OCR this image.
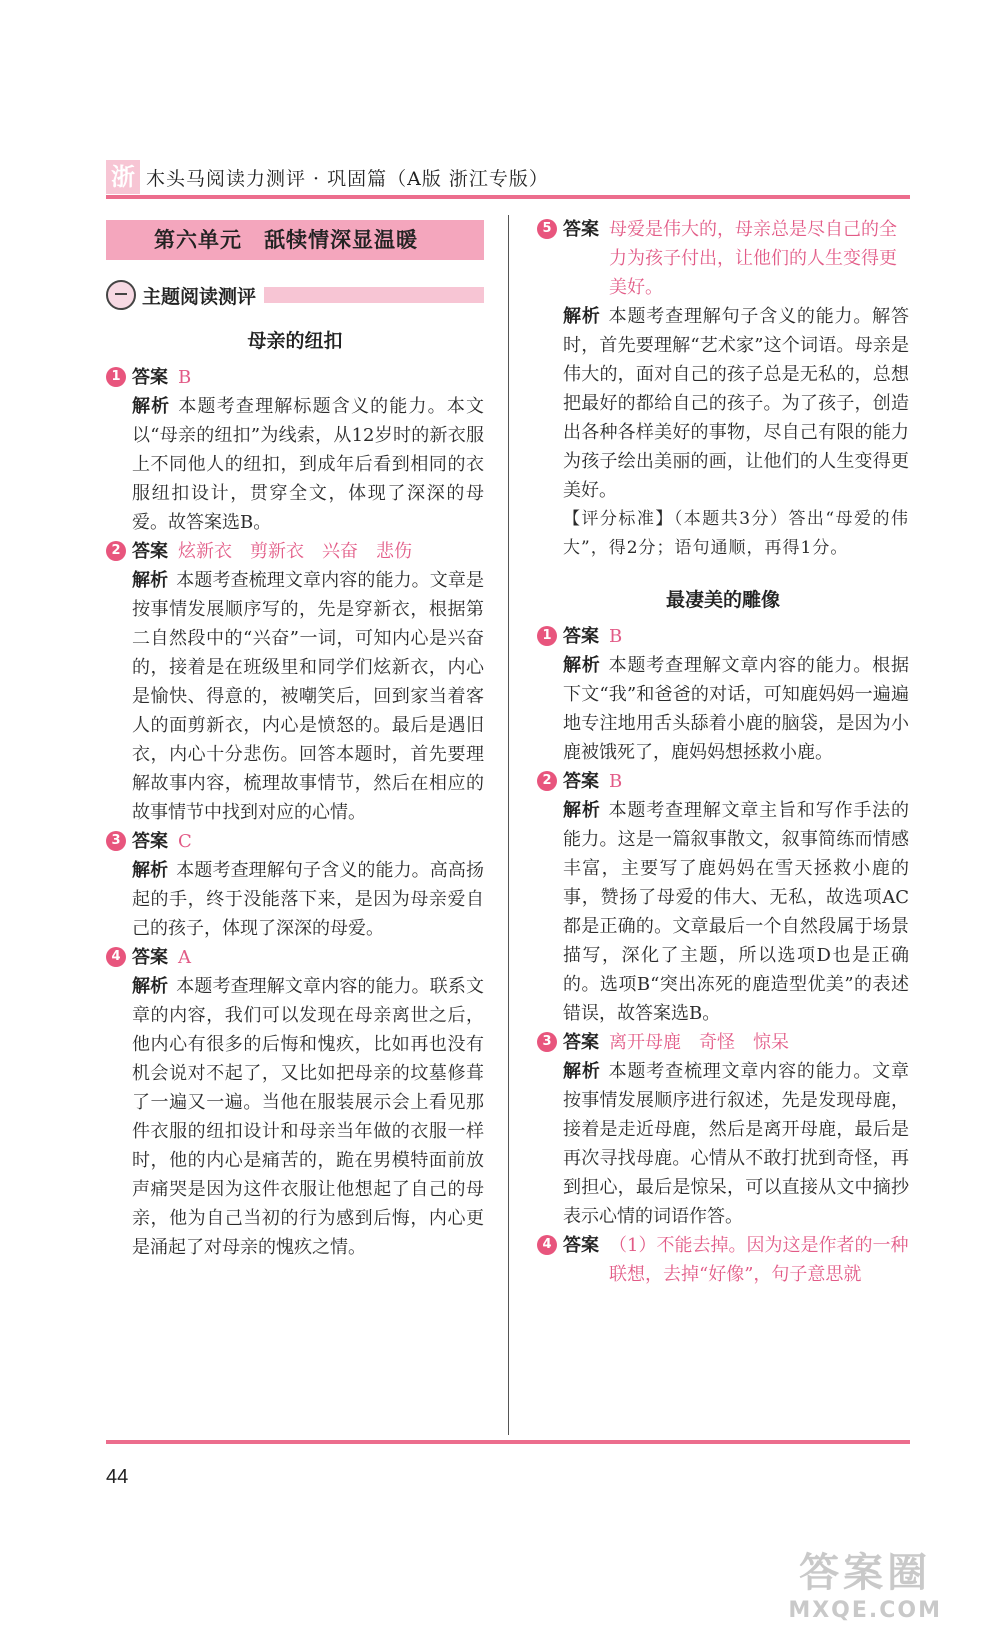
浙 木头马阅读力测评 · 巩固篇（A版 浙江专版）
第六单元　舐犊情深显温暖
主题阅读测评
母亲的纽扣
1 答案 B
解析 本题考查理解标题含义的能力。本文以“母亲的纽扣”为线索，从12岁时的新衣服上不同他人的纽扣，到成年后看到相同的衣服纽扣设计，贯穿全文，体现了深深的母爱。故答案选B。
2 答案 炫新衣　剪新衣　兴奋　悲伤
解析 本题考查梳理文章内容的能力。文章是按事情发展顺序写的，先是穿新衣，根据第二自然段中的“兴奋”一词，可知内心是兴奋的，接着是在班级里和同学们炫新衣，内心是愉快、得意的，被嘲笑后，回到家当着客人的面剪新衣，内心是愤怒的。最后是遇旧衣，内心十分悲伤。回答本题时，首先要理解故事内容，梳理故事情节，然后在相应的故事情节中找到对应的心情。
3 答案 C
解析 本题考查理解句子含义的能力。高高扬起的手，终于没能落下来，是因为母亲爱自己的孩子，体现了深深的母爱。
4 答案 A
解析 本题考查理解文章内容的能力。联系文章的内容，我们可以发现在母亲离世之后，他内心有很多的后悔和愧疚，比如再也没有机会说对不起了，又比如把母亲的坟墓修葺了一遍又一遍。当他在服装展示会上看见那件衣服的纽扣设计和母亲当年做的衣服一样时，他的内心是痛苦的，跪在男模特面前放声痛哭是因为这件衣服让他想起了自己的母亲，他为自己当初的行为感到后悔，内心更是涌起了对母亲的愧疚之情。
5 答案 母爱是伟大的，母亲总是尽自己的全力为孩子付出，让他们的人生变得更美好。
解析 本题考查理解句子含义的能力。解答时，首先要理解“艺术家”这个词语。母亲是伟大的，面对自己的孩子总是无私的，总想把最好的都给自己的孩子。为了孩子，创造出各种各样美好的事物，尽自己有限的能力为孩子绘出美丽的画，让他们的人生变得更美好。
【评分标准】（本题共3分）答出“母爱的伟大”，得2分；语句通顺，再得1分。
最凄美的雕像
1 答案 B
解析 本题考查理解文章内容的能力。根据下文“我”和爸爸的对话，可知鹿妈妈一遍遍地专注地用舌头舔着小鹿的脑袋，是因为小鹿被饿死了，鹿妈妈想拯救小鹿。
2 答案 B
解析 本题考查理解文章主旨和写作手法的能力。这是一篇叙事散文，叙事简练而情感丰富，主要写了鹿妈妈在雪天拯救小鹿的事，赞扬了母爱的伟大、无私，故选项AC都是正确的。文章最后一个自然段属于场景描写，深化了主题，所以选项D也是正确的。选项B“突出冻死的鹿造型优美”的表述错误，故答案选B。
3 答案 离开母鹿　奇怪　惊呆
解析 本题考查梳理文章内容的能力。文章按事情发展顺序进行叙述，先是发现母鹿，接着是走近母鹿，然后是离开母鹿，最后是再次寻找母鹿。心情从不敢打扰到奇怪，再到担心，最后是惊呆，可以直接从文中摘抄表示心情的词语作答。
4 答案 （1）不能去掉。因为这是作者的一种联想，去掉“好像”，句子意思就
44
答案圈
MXQE.COM
